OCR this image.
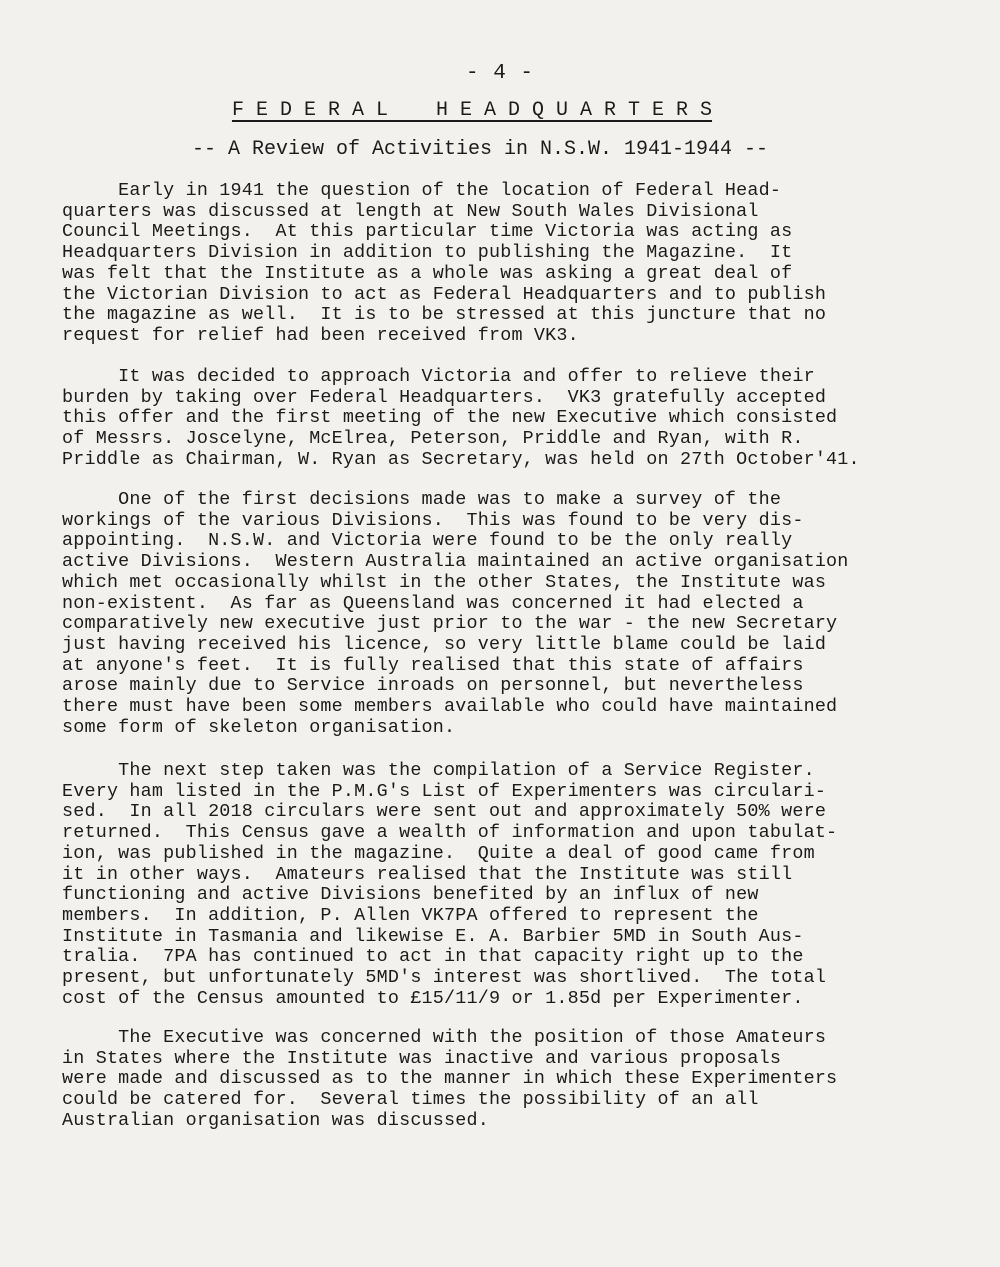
- 4 -
F E D E R A L    H E A D Q U A R T E R S
-- A Review of Activities in N.S.W. 1941-1944 --

Early in 1941 the question of the location of Federal Head-
quarters was discussed at length at New South Wales Divisional
Council Meetings.  At this particular time Victoria was acting as
Headquarters Division in addition to publishing the Magazine.  It
was felt that the Institute as a whole was asking a great deal of
the Victorian Division to act as Federal Headquarters and to publish
the magazine as well.  It is to be stressed at this juncture that no
request for relief had been received from VK3.

It was decided to approach Victoria and offer to relieve their
burden by taking over Federal Headquarters.  VK3 gratefully accepted
this offer and the first meeting of the new Executive which consisted
of Messrs. Joscelyne, McElrea, Peterson, Priddle and Ryan, with R.
Priddle as Chairman, W. Ryan as Secretary, was held on 27th October'41.

One of the first decisions made was to make a survey of the
workings of the various Divisions.  This was found to be very dis-
appointing.  N.S.W. and Victoria were found to be the only really
active Divisions.  Western Australia maintained an active organisation
which met occasionally whilst in the other States, the Institute was
non-existent.  As far as Queensland was concerned it had elected a
comparatively new executive just prior to the war - the new Secretary
just having received his licence, so very little blame could be laid
at anyone's feet.  It is fully realised that this state of affairs
arose mainly due to Service inroads on personnel, but nevertheless
there must have been some members available who could have maintained
some form of skeleton organisation.

The next step taken was the compilation of a Service Register.
Every ham listed in the P.M.G's List of Experimenters was circulari-
sed.  In all 2018 circulars were sent out and approximately 50% were
returned.  This Census gave a wealth of information and upon tabulat-
ion, was published in the magazine.  Quite a deal of good came from
it in other ways.  Amateurs realised that the Institute was still
functioning and active Divisions benefited by an influx of new
members.  In addition, P. Allen VK7PA offered to represent the
Institute in Tasmania and likewise E. A. Barbier 5MD in South Aus-
tralia.  7PA has continued to act in that capacity right up to the
present, but unfortunately 5MD's interest was shortlived.  The total
cost of the Census amounted to £15/11/9 or 1.85d per Experimenter.

The Executive was concerned with the position of those Amateurs
in States where the Institute was inactive and various proposals
were made and discussed as to the manner in which these Experimenters
could be catered for.  Several times the possibility of an all
Australian organisation was discussed.
